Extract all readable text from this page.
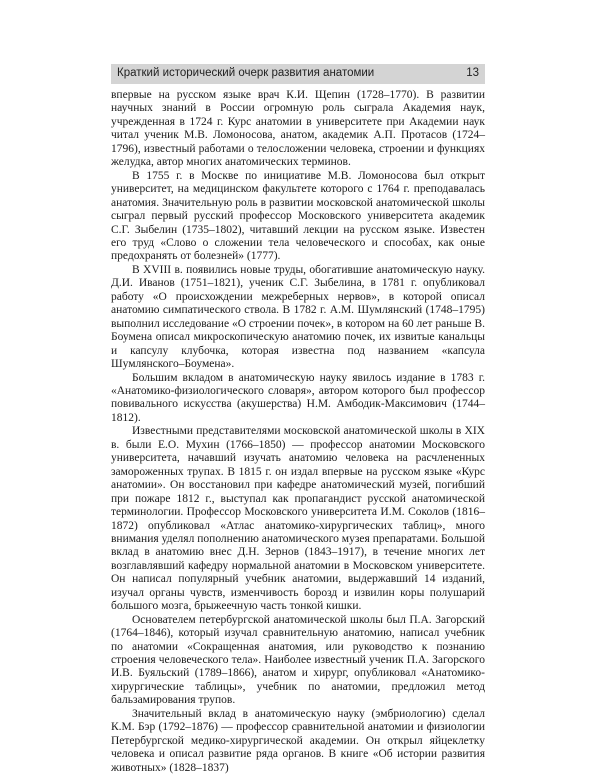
Краткий исторический очерк развития анатомии	13

впервые на русском языке врач К.И. Щепин (1728–1770). В развитии научных знаний в России огромную роль сыграла Академия наук, учрежденная в 1724 г. Курс анатомии в университете при Академии наук читал ученик М.В. Ломоносова, анатом, академик А.П. Протасов (1724–1796), известный работами о телосложении человека, строении и функциях желудка, автор многих анатомических терминов.

В 1755 г. в Москве по инициативе М.В. Ломоносова был открыт университет, на медицинском факультете которого с 1764 г. преподавалась анатомия. Значительную роль в развитии московской анатомической школы сыграл первый русский профессор Московского университета академик С.Г. Зыбелин (1735–1802), читавший лекции на русском языке. Известен его труд «Слово о сложении тела человеческого и способах, как оные предохранять от болезней» (1777).

В XVIII в. появились новые труды, обогатившие анатомическую науку. Д.И. Иванов (1751–1821), ученик С.Г. Зыбелина, в 1781 г. опубликовал работу «О происхождении межреберных нервов», в которой описал анатомию симпатического ствола. В 1782 г. А.М. Шумлянский (1748–1795) выполнил исследование «О строении почек», в котором на 60 лет раньше В. Боумена описал микроскопическую анатомию почек, их извитые канальцы и капсулу клубочка, которая известна под названием «капсула Шумлянского–Боумена».

Большим вкладом в анатомическую науку явилось издание в 1783 г. «Анатомико-физиологического словаря», автором которого был профессор повивального искусства (акушерства) Н.М. Амбодик-Максимович (1744–1812).

Известными представителями московской анатомической школы в XIX в. были Е.О. Мухин (1766–1850) — профессор анатомии Московского университета, начавший изучать анатомию человека на расчлененных замороженных трупах. В 1815 г. он издал впервые на русском языке «Курс анатомии». Он восстановил при кафедре анатомический музей, погибший при пожаре 1812 г., выступал как пропагандист русской анатомической терминологии. Профессор Московского университета И.М. Соколов (1816–1872) опубликовал «Атлас анатомико-хирургических таблиц», много внимания уделял пополнению анатомического музея препаратами. Большой вклад в анатомию внес Д.Н. Зернов (1843–1917), в течение многих лет возглавлявший кафедру нормальной анатомии в Московском университете. Он написал популярный учебник анатомии, выдержавший 14 изданий, изучал органы чувств, изменчивость борозд и извилин коры полушарий большого мозга, брыжеечную часть тонкой кишки.

Основателем петербургской анатомической школы был П.А. Загорский (1764–1846), который изучал сравнительную анатомию, написал учебник по анатомии «Сокращенная анатомия, или руководство к познанию строения человеческого тела». Наиболее известный ученик П.А. Загорского И.В. Буяльский (1789–1866), анатом и хирург, опубликовал «Анатомико-хирургические таблицы», учебник по анатомии, предложил метод бальзамирования трупов.

Значительный вклад в анатомическую науку (эмбриологию) сделал К.М. Бэр (1792–1876) — профессор сравнительной анатомии и физиологии Петербургской медико-хирургической академии. Он открыл яйцеклетку человека и описал развитие ряда органов. В книге «Об истории развития животных» (1828–1837)
